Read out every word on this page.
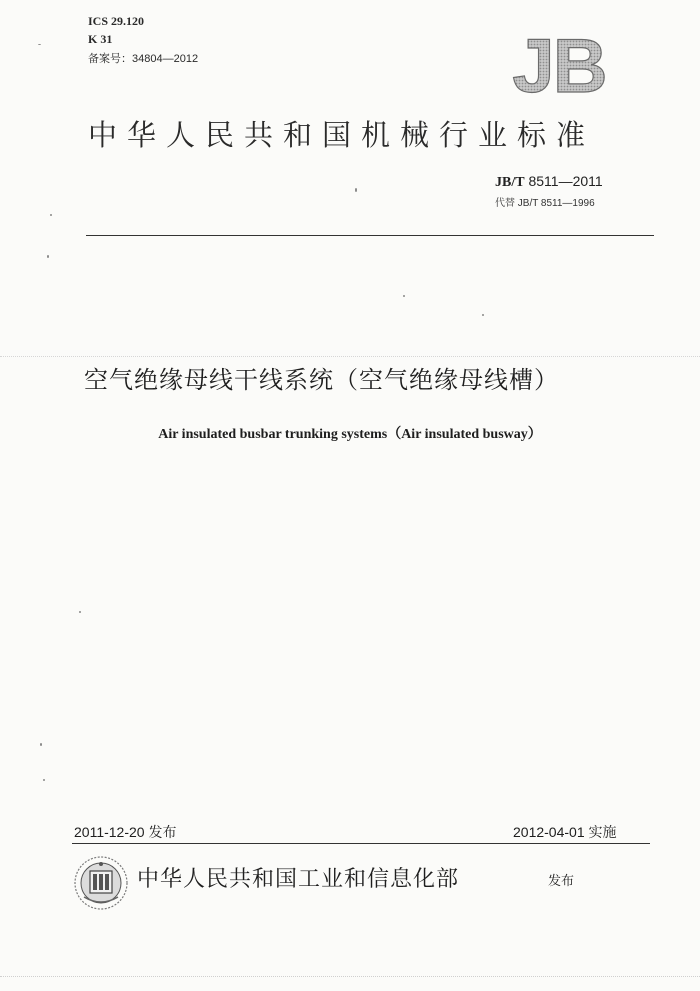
ICS 29.120
K 31
备案号：34804—2012	JB
中华人民共和国机械行业标准
JB/T 8511—2011
代替 JB/T 8511—1996
空气绝缘母线干线系统（空气绝缘母线槽）
Air insulated busbar trunking systems（Air insulated busway）
2011-12-20 发布	2012-04-01 实施
中华人民共和国工业和信息化部	发布
